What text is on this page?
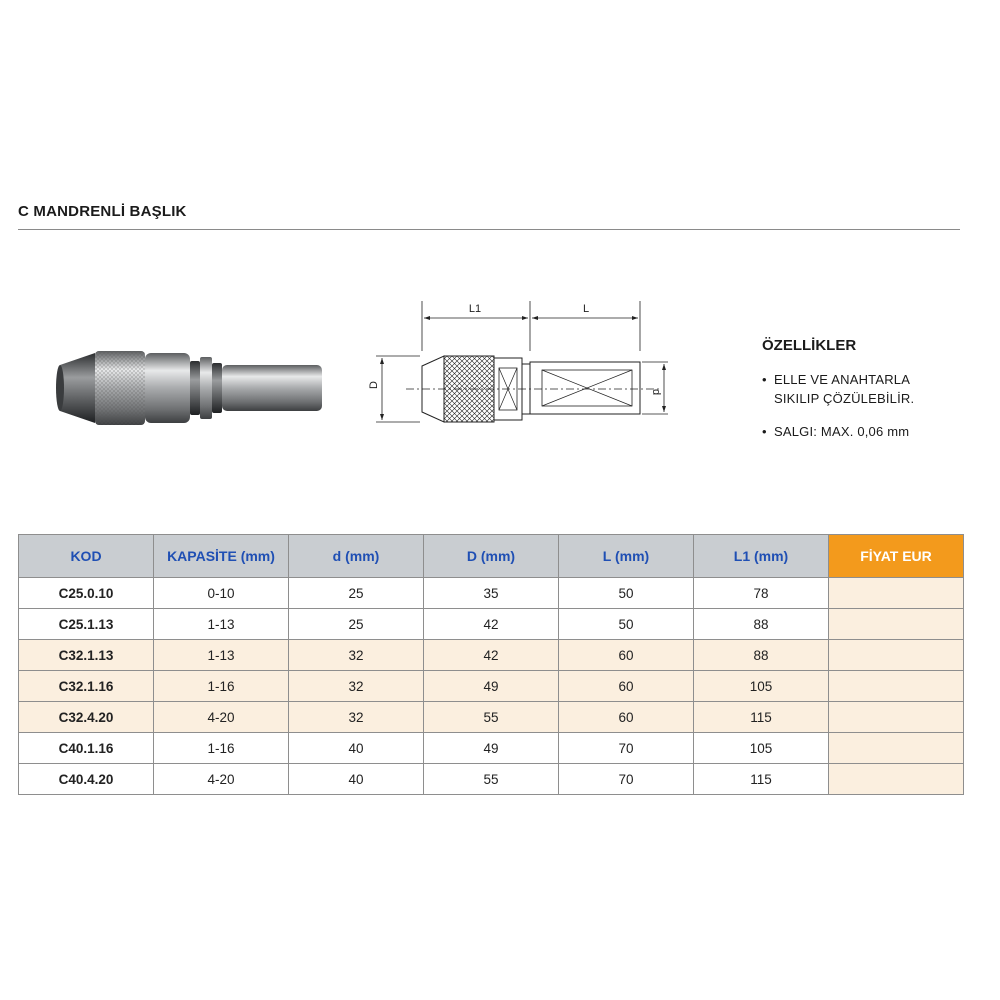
C MANDRENLİ BAŞLIK
L1	L
D
d
ÖZELLİKLER
• ELLE VE ANAHTARLA
SIKILIP ÇÖZÜLEBİLİR.
• SALGI: MAX. 0,06 mm
KOD	KAPASİTE (mm)	d (mm)	D (mm)	L (mm)	L1 (mm)	FİYAT EUR
C25.0.10	0-10	25	35	50	78	
C25.1.13	1-13	25	42	50	88	
C32.1.13	1-13	32	42	60	88	
C32.1.16	1-16	32	49	60	105	
C32.4.20	4-20	32	55	60	115	
C40.1.16	1-16	40	49	70	105	
C40.4.20	4-20	40	55	70	115	
